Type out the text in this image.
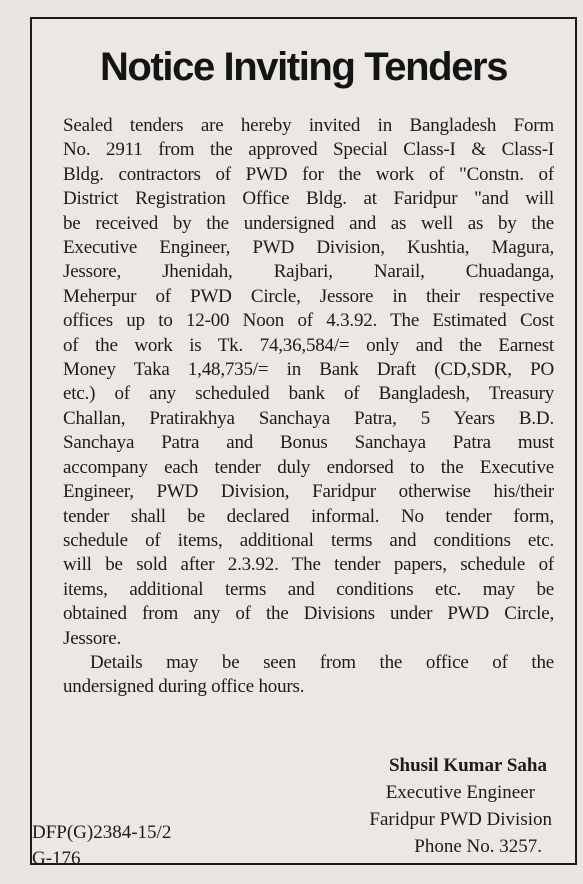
Notice Inviting Tenders
Sealed tenders are hereby invited in Bangladesh Form
No. 2911 from the approved Special Class-I & Class-I
Bldg. contractors of PWD for the work of "Constn. of
District Registration Office Bldg. at Faridpur "and will
be received by the undersigned and as well as by the
Executive Engineer, PWD Division, Kushtia, Magura,
Jessore, Jhenidah, Rajbari, Narail, Chuadanga,
Meherpur of PWD Circle, Jessore in their respective
offices up to 12-00 Noon of 4.3.92. The Estimated Cost
of the work is Tk. 74,36,584/= only and the Earnest
Money Taka 1,48,735/= in Bank Draft (CD,SDR, PO
etc.) of any scheduled bank of Bangladesh, Treasury
Challan, Pratirakhya Sanchaya Patra, 5 Years B.D.
Sanchaya Patra and Bonus Sanchaya Patra must
accompany each tender duly endorsed to the Executive
Engineer, PWD Division, Faridpur otherwise his/their
tender shall be declared informal. No tender form,
schedule of items, additional terms and conditions etc.
will be sold after 2.3.92. The tender papers, schedule of
items, additional terms and conditions etc. may be
obtained from any of the Divisions under PWD Circle,
Jessore.
Details may be seen from the office of the
undersigned during office hours.
Shusil Kumar Saha
Executive Engineer
Faridpur PWD Division
Phone No. 3257.
DFP(G)2384-15/2
G-176
